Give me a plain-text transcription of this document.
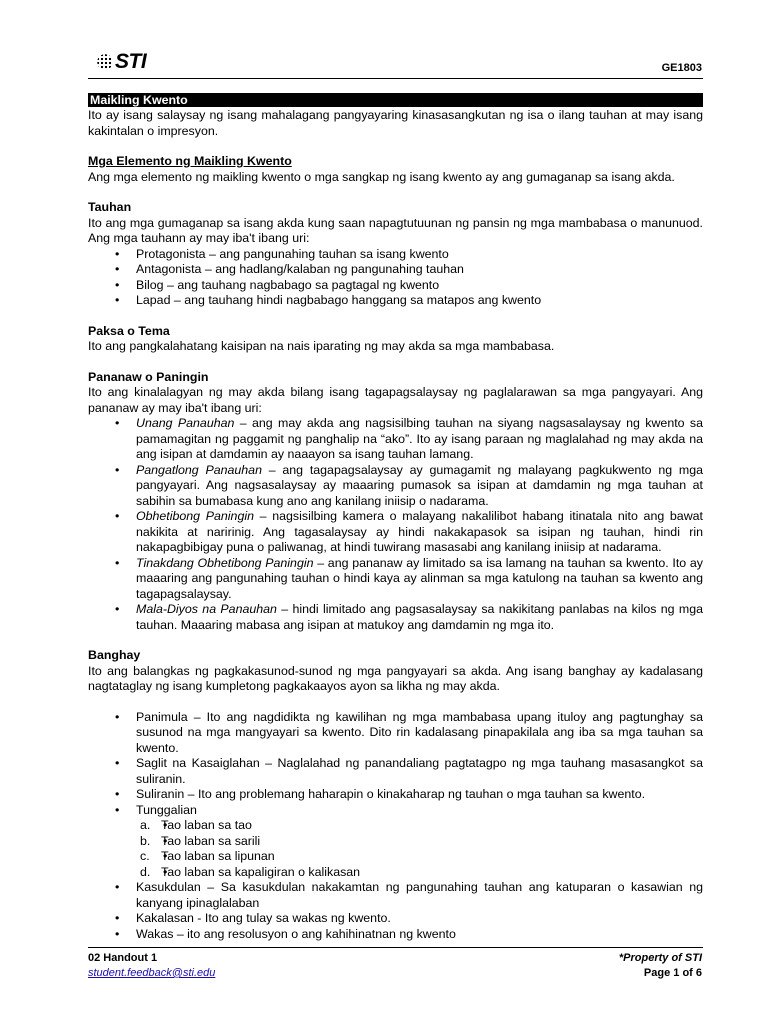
STI	GE1803
Maikling Kwento

Ito ay isang salaysay ng isang mahalagang pangyayaring kinasasangkutan ng isa o ilang tauhan at may isang kakintalan o impresyon.

Mga Elemento ng Maikling Kwento

Ang mga elemento ng maikling kwento o mga sangkap ng isang kwento ay ang gumaganap sa isang akda.

Tauhan

Ito ang mga gumaganap sa isang akda kung saan napagtutuunan ng pansin ng mga mambabasa o manunuod. Ang mga tauhann ay may iba't ibang uri:

• Protagonista – ang pangunahing tauhan sa isang kwento
• Antagonista – ang hadlang/kalaban ng pangunahing tauhan
• Bilog – ang tauhang nagbabago sa pagtagal ng kwento
• Lapad – ang tauhang hindi nagbabago hanggang sa matapos ang kwento
Paksa o Tema

Ito ang pangkalahatang kaisipan na nais iparating ng may akda sa mga mambabasa.

Pananaw o Paningin

Ito ang kinalalagyan ng may akda bilang isang tagapagsalaysay ng paglalarawan sa mga pangyayari. Ang pananaw ay may iba't ibang uri:

• Unang Panauhan – ang may akda ang nagsisilbing tauhan na siyang nagsasalaysay ng kwento sa pamamagitan ng paggamit ng panghalip na “ako”. Ito ay isang paraan ng maglalahad ng may akda na ang isipan at damdamin ay naaayon sa isang tauhan lamang.
• Pangatlong Panauhan – ang tagapagsalaysay ay gumagamit ng malayang pagkukwento ng mga pangyayari. Ang nagsasalaysay ay maaaring pumasok sa isipan at damdamin ng mga tauhan at sabihin sa bumabasa kung ano ang kanilang iniisip o nadarama.
• Obhetibong Paningin – nagsisilbing kamera o malayang nakalilibot habang itinatala nito ang bawat nakikita at naririnig. Ang tagasalaysay ay hindi nakakapasok sa isipan ng tauhan, hindi rin nakapagbibigay puna o paliwanag, at hindi tuwirang masasabi ang kanilang iniisip at nadarama.
• Tinakdang Obhetibong Paningin – ang pananaw ay limitado sa isa lamang na tauhan sa kwento. Ito ay maaaring ang pangunahing tauhan o hindi kaya ay alinman sa mga katulong na tauhan sa kwento ang tagapagsalaysay.
• Mala-Diyos na Panauhan – hindi limitado ang pagsasalaysay sa nakikitang panlabas na kilos ng mga tauhan. Maaaring mabasa ang isipan at matukoy ang damdamin ng mga ito.
Banghay

Ito ang balangkas ng pagkakasunod-sunod ng mga pangyayari sa akda. Ang isang banghay ay kadalasang nagtataglay ng isang kumpletong pagkakaayos ayon sa likha ng may akda.

• Panimula – Ito ang nagdidikta ng kawilihan ng mga mambabasa upang ituloy ang pagtunghay sa susunod na mga mangyayari sa kwento. Dito rin kadalasang pinapakilala ang iba sa mga tauhan sa kwento.
• Saglit na Kasaiglahan – Naglalahad ng panandaliang pagtatagpo ng mga tauhang masasangkot sa suliranin.
• Suliranin – Ito ang problemang haharapin o kinakaharap ng tauhan o mga tauhan sa kwento.
• Tunggalian
• a. Tao laban sa tao
• b. Tao laban sa sarili
• c. Tao laban sa lipunan
• d. Tao laban sa kapaligiran o kalikasan
• Kasukdulan – Sa kasukdulan nakakamtan ng pangunahing tauhan ang katuparan o kasawian ng kanyang ipinaglalaban
• Kakalasan - Ito ang tulay sa wakas ng kwento.
• Wakas – ito ang resolusyon o ang kahihinatnan ng kwento
02 Handout 1
student.feedback@sti.edu
*Property of STI
Page 1 of 6
